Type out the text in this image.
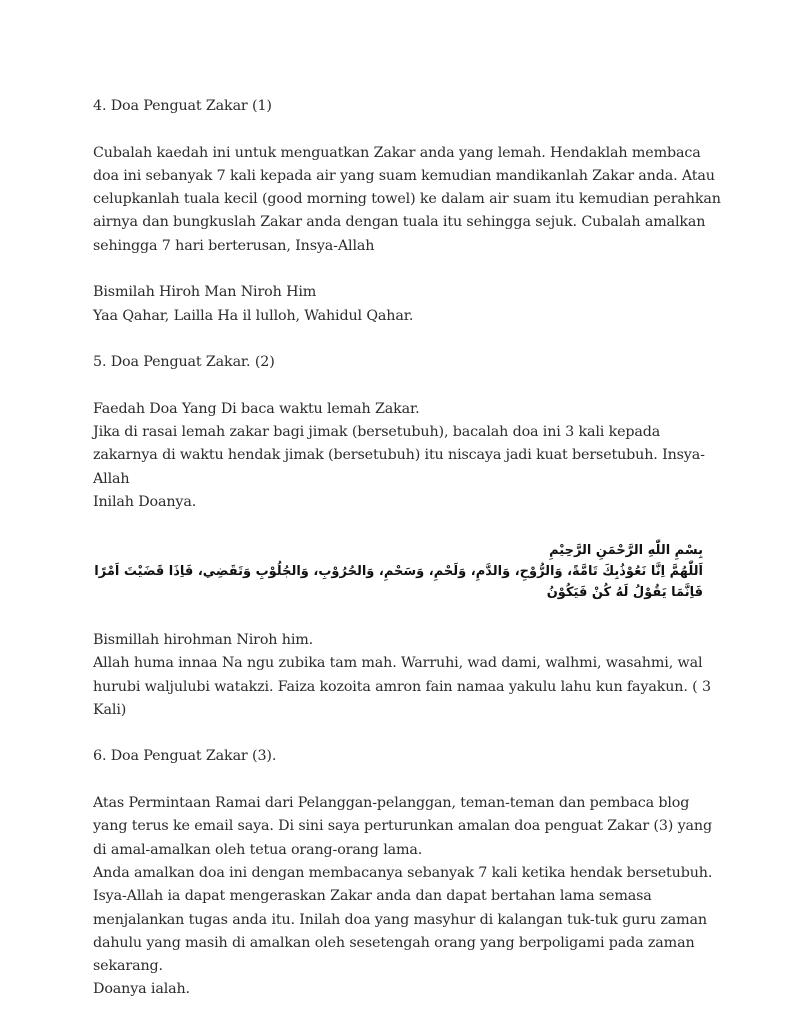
4. Doa Penguat Zakar (1)
Cubalah kaedah ini untuk menguatkan Zakar anda yang lemah. Hendaklah membaca
doa ini sebanyak 7 kali kepada air yang suam kemudian mandikanlah Zakar anda. Atau
celupkanlah tuala kecil (good morning towel) ke dalam air suam itu kemudian perahkan
airnya dan bungkuslah Zakar anda dengan tuala itu sehingga sejuk. Cubalah amalkan
sehingga 7 hari berterusan, Insya-Allah
Bismilah Hiroh Man Niroh Him
Yaa Qahar, Lailla Ha il lulloh, Wahidul Qahar.
5. Doa Penguat Zakar. (2)
Faedah Doa Yang Di baca waktu lemah Zakar.
Jika di rasai lemah zakar bagi jimak (bersetubuh), bacalah doa ini 3 kali kepada
zakarnya di waktu hendak jimak (bersetubuh) itu niscaya jadi kuat bersetubuh. Insya-
Allah
Inilah Doanya.
بِسْمِ اللّٰهِ الرَّحْمَنِ الرَّحِيْمِ
اَللّٰهُمَّ اِنَّا نَعُوْذُبِكَ تَامَّةً، وَالرُّوْحِ، وَالدَّمِ، وَلَحْمِ، وَسَحْمِ، وَالحُرُوْبِ، وَالجُلُوْبِ وَتَقَضِي، فَاِذَا قَضَيْتَ اَمْرًا فَاِنَّمَا يَقُوْلُ لَهُ كُنْ فَيَكُوْنُ
Bismillah hirohman Niroh him.
Allah huma innaa Na ngu zubika tam mah. Warruhi, wad dami, walhmi, wasahmi, wal
hurubi waljulubi watakzi. Faiza kozoita amron fain namaa yakulu lahu kun fayakun. ( 3
Kali)
6. Doa Penguat Zakar (3).
Atas Permintaan Ramai dari Pelanggan-pelanggan, teman-teman dan pembaca blog
yang terus ke email saya. Di sini saya perturunkan amalan doa penguat Zakar (3) yang
di amal-amalkan oleh tetua orang-orang lama.
Anda amalkan doa ini dengan membacanya sebanyak 7 kali ketika hendak bersetubuh.
Isya-Allah ia dapat mengeraskan Zakar anda dan dapat bertahan lama semasa
menjalankan tugas anda itu. Inilah doa yang masyhur di kalangan tuk-tuk guru zaman
dahulu yang masih di amalkan oleh sesetengah orang yang berpoligami pada zaman
sekarang.
Doanya ialah.
